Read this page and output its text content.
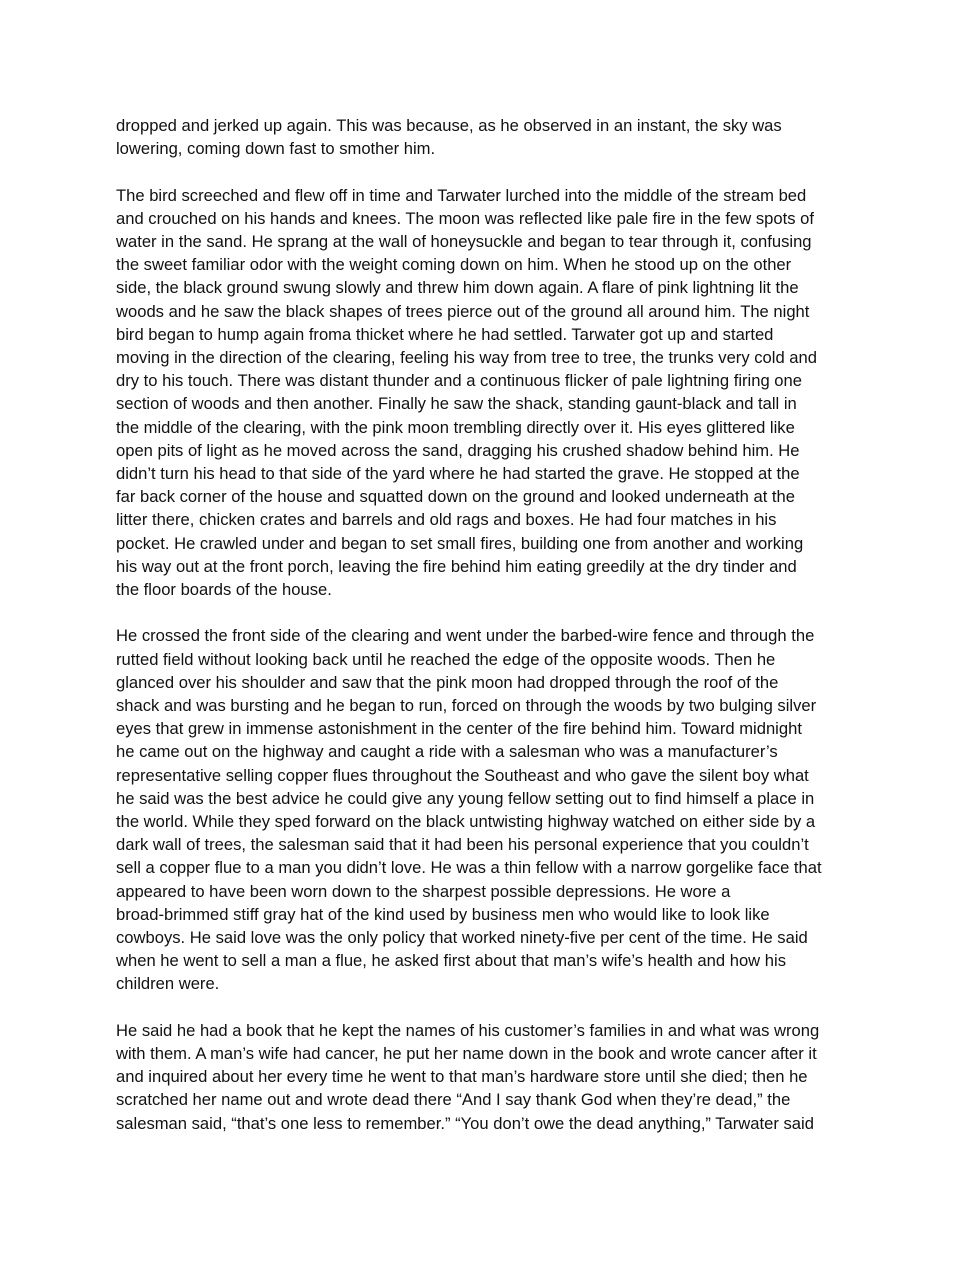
dropped and jerked up again. This was because, as he observed in an instant, the sky was
lowering, coming down fast to smother him.

The bird screeched and flew off in time and Tarwater lurched into the middle of the stream bed
and crouched on his hands and knees. The moon was reflected like pale fire in the few spots of
water in the sand. He sprang at the wall of honeysuckle and began to tear through it, confusing
the sweet familiar odor with the weight coming down on him. When he stood up on the other
side, the black ground swung slowly and threw him down again. A flare of pink lightning lit the
woods and he saw the black shapes of trees pierce out of the ground all around him. The night
bird began to hump again froma thicket where he had settled. Tarwater got up and started
moving in the direction of the clearing, feeling his way from tree to tree, the trunks very cold and
dry to his touch. There was distant thunder and a continuous flicker of pale lightning firing one
section of woods and then another. Finally he saw the shack, standing gaunt-black and tall in
the middle of the clearing, with the pink moon trembling directly over it. His eyes glittered like
open pits of light as he moved across the sand, dragging his crushed shadow behind him. He
didn’t turn his head to that side of the yard where he had started the grave. He stopped at the
far back corner of the house and squatted down on the ground and looked underneath at the
litter there, chicken crates and barrels and old rags and boxes. He had four matches in his
pocket. He crawled under and began to set small fires, building one from another and working
his way out at the front porch, leaving the fire behind him eating greedily at the dry tinder and
the floor boards of the house.

He crossed the front side of the clearing and went under the barbed-wire fence and through the
rutted field without looking back until he reached the edge of the opposite woods. Then he
glanced over his shoulder and saw that the pink moon had dropped through the roof of the
shack and was bursting and he began to run, forced on through the woods by two bulging silver
eyes that grew in immense astonishment in the center of the fire behind him. Toward midnight
he came out on the highway and caught a ride with a salesman who was a manufacturer’s
representative selling copper flues throughout the Southeast and who gave the silent boy what
he said was the best advice he could give any young fellow setting out to find himself a place in
the world. While they sped forward on the black untwisting highway watched on either side by a
dark wall of trees, the salesman said that it had been his personal experience that you couldn’t
sell a copper flue to a man you didn’t love. He was a thin fellow with a narrow gorgelike face that
appeared to have been worn down to the sharpest possible depressions. He wore a
broad-brimmed stiff gray hat of the kind used by business men who would like to look like
cowboys. He said love was the only policy that worked ninety-five per cent of the time. He said
when he went to sell a man a flue, he asked first about that man’s wife’s health and how his
children were.

He said he had a book that he kept the names of his customer’s families in and what was wrong
with them. A man’s wife had cancer, he put her name down in the book and wrote cancer after it
and inquired about her every time he went to that man’s hardware store until she died; then he
scratched her name out and wrote dead there “And I say thank God when they’re dead,” the
salesman said, “that’s one less to remember.” “You don’t owe the dead anything,” Tarwater said
